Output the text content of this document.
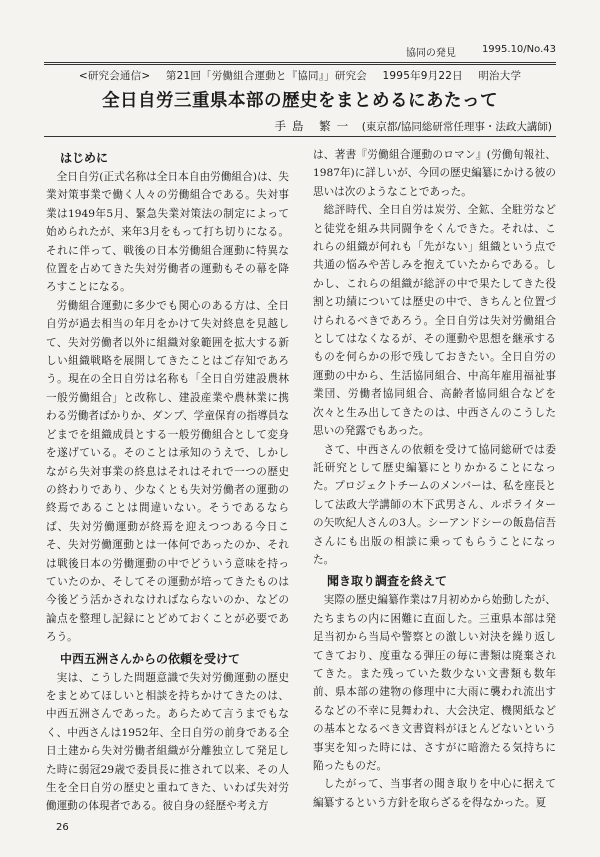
協同の発見	1995.10/No.43
<研究会通信> 第21回「労働組合運動と『協同』」研究会 1995年9月22日 明治大学
全日自労三重県本部の歴史をまとめるにあたって
手島 繁一 (東京都/協同総研常任理事・法政大講師)
はじめに

全日自労(正式名称は全日本自由労働組合)は、失業対策事業で働く人々の労働組合である。失対事業は1949年5月、緊急失業対策法の制定によって始められたが、来年3月をもって打ち切りになる。それに伴って、戦後の日本労働組合運動に特異な位置を占めてきた失対労働者の運動もその幕を降ろすことになる。

労働組合運動に多少でも関心のある方は、全日自労が過去相当の年月をかけて失対終息を見越して、失対労働者以外に組織対象範囲を拡大する新しい組織戦略を展開してきたことはご存知であろう。現在の全日自労は名称も「全日自労建設農林一般労働組合」と改称し、建設産業や農林業に携わる労働者ばかりか、ダンプ、学童保育の指導員などまでを組織成員とする一般労働組合として変身を遂げている。そのことは承知のうえで、しかしながら失対事業の終息はそれはそれで一つの歴史の終わりであり、少なくとも失対労働者の運動の終焉であることは間違いない。そうであるならば、失対労働運動が終焉を迎えつつある今日こそ、失対労働運動とは一体何であったのか、それは戦後日本の労働運動の中でどういう意味を持っていたのか、そしてその運動が培ってきたものは今後どう活かされなければならないのか、などの論点を整理し記録にとどめておくことが必要であろう。

中西五洲さんからの依頼を受けて

実は、こうした問題意識で失対労働運動の歴史をまとめてほしいと相談を持ちかけてきたのは、中西五洲さんであった。あらためて言うまでもなく、中西さんは1952年、全日自労の前身である全日土建から失対労働者組織が分離独立して発足した時に弱冠29歳で委員長に推されて以来、その人生を全日自労の歴史と重ねてきた、いわば失対労働運動の体現者である。彼自身の経歴や考え方

は、著書『労働組合運動のロマン』(労働旬報社、1987年)に詳しいが、今回の歴史編纂にかける彼の思いは次のようなことであった。

総評時代、全日自労は炭労、全鉱、全駐労などと徒党を組み共同闘争をくんできた。それは、これらの組織が何れも「先がない」組織という点で共通の悩みや苦しみを抱えていたからである。しかし、これらの組織が総評の中で果たしてきた役割と功績については歴史の中で、きちんと位置づけられるべきであろう。全日自労は失対労働組合としてはなくなるが、その運動や思想を継承するものを何らかの形で残しておきたい。全日自労の運動の中から、生活協同組合、中高年雇用福祉事業団、労働者協同組合、高齢者協同組合などを次々と生み出してきたのは、中西さんのこうした思いの発露でもあった。

さて、中西さんの依頼を受けて協同総研では委託研究として歴史編纂にとりかかることになった。プロジェクトチームのメンバーは、私を座長として法政大学講師の木下武男さん、ルポライターの矢吹紀人さんの3人。シーアンドシーの飯島信吾さんにも出版の相談に乗ってもらうことになった。

聞き取り調査を終えて

実際の歴史編纂作業は7月初めから始動したが、たちまちの内に困難に直面した。三重県本部は発足当初から当局や警察との激しい対決を繰り返してきており、度重なる弾圧の毎に書類は廃棄されてきた。また残っていた数少ない文書類も数年前、県本部の建物の修理中に大雨に襲われ流出するなどの不幸に見舞われ、大会決定、機関紙などの基本となるべき文書資料がほとんどないという事実を知った時には、さすがに暗澹たる気持ちに陥ったものだ。

したがって、当事者の聞き取りを中心に据えて編纂するという方針を取らざるを得なかった。夏

26
